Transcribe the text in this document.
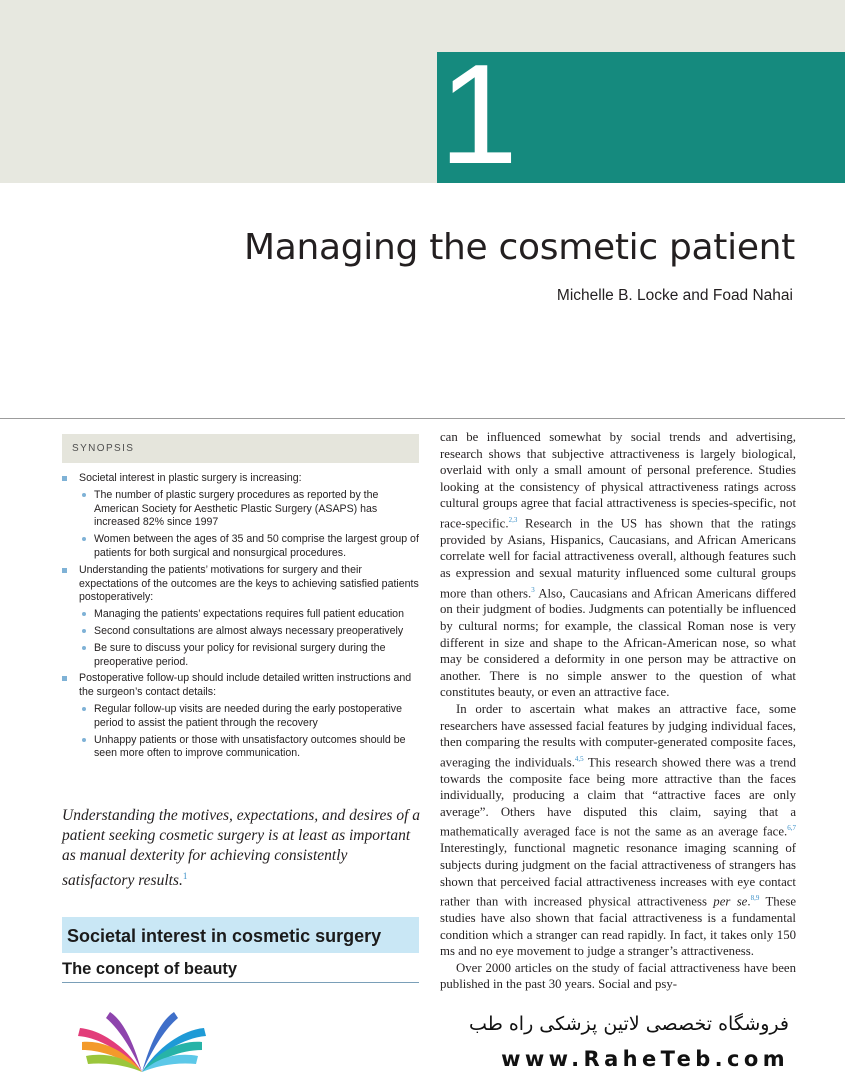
1
Managing the cosmetic patient
Michelle B. Locke and Foad Nahai
SYNOPSIS
Societal interest in plastic surgery is increasing:
The number of plastic surgery procedures as reported by the American Society for Aesthetic Plastic Surgery (ASAPS) has increased 82% since 1997
Women between the ages of 35 and 50 comprise the largest group of patients for both surgical and nonsurgical procedures.
Understanding the patients’ motivations for surgery and their expectations of the outcomes are the keys to achieving satisfied patients postoperatively:
Managing the patients’ expectations requires full patient education
Second consultations are almost always necessary preoperatively
Be sure to discuss your policy for revisional surgery during the preoperative period.
Postoperative follow-up should include detailed written instructions and the surgeon’s contact details:
Regular follow-up visits are needed during the early postoperative period to assist the patient through the recovery
Unhappy patients or those with unsatisfactory outcomes should be seen more often to improve communication.

Understanding the motives, expectations, and desires of a patient seeking cosmetic surgery is at least as important as manual dexterity for achieving consistently satisfactory results.$^1$

Societal interest in cosmetic surgery
The concept of beauty

can be influenced somewhat by social trends and advertising, research shows that subjective attractiveness is largely biological, overlaid with only a small amount of personal preference. Studies looking at the consistency of physical attractiveness ratings across cultural groups agree that facial attractiveness is species-specific, not race-specific.$^{2,3}$ Research in the US has shown that the ratings provided by Asians, Hispanics, Caucasians, and African Americans correlate well for facial attractiveness overall, although features such as expression and sexual maturity influenced some cultural groups more than others.$^3$ Also, Caucasians and African Americans differed on their judgment of bodies. Judgments can potentially be influenced by cultural norms; for example, the classical Roman nose is very different in size and shape to the African-American nose, so what may be considered a deformity in one person may be attractive on another. There is no simple answer to the question of what constitutes beauty, or even an attractive face.

In order to ascertain what makes an attractive face, some researchers have assessed facial features by judging individual faces, then comparing the results with computer-generated composite faces, averaging the individuals.$^{4,5}$ This research showed there was a trend towards the composite face being more attractive than the faces individually, producing a claim that “attractive faces are only average”. Others have disputed this claim, saying that a mathematically averaged face is not the same as an average face.$^{6,7}$ Interestingly, functional magnetic resonance imaging scanning of subjects during judgment on the facial attractiveness of strangers has shown that perceived facial attractiveness increases with eye contact rather than with increased physical attractiveness per se.$^{8,9}$ These studies have also shown that facial attractiveness is a fundamental condition which a stranger can read rapidly. In fact, it takes only 150 ms and no eye movement to judge a stranger’s attractiveness.

Over 2000 articles on the study of facial attractiveness have been published in the past 30 years. Social and psy-

فروشگاه تخصصی لاتین پزشکی راه طب
www.RaheTeb.com
